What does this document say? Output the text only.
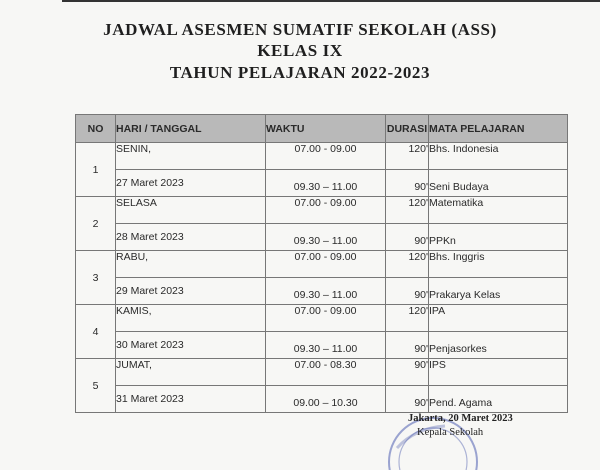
JADWAL ASESMEN SUMATIF SEKOLAH (ASS)
KELAS IX
TAHUN PELAJARAN 2022-2023
NO	HARI / TANGGAL	WAKTU	DURASI	MATA PELAJARAN
1	SENIN,	07.00 - 09.00	120'	Bhs. Indonesia
	27 Maret 2023	09.30 – 11.00	90'	Seni Budaya
2	SELASA	07.00 - 09.00	120'	Matematika
	28 Maret 2023	09.30 – 11.00	90'	PPKn
3	RABU,	07.00 - 09.00	120'	Bhs. Inggris
	29 Maret 2023	09.30 – 11.00	90'	Prakarya Kelas
4	KAMIS,	07.00 - 09.00	120'	IPA
	30 Maret 2023	09.30 – 11.00	90'	Penjasorkes
5	JUMAT,	07.00 - 08.30	90'	IPS
	31 Maret 2023	09.00 – 10.30	90'	Pend. Agama
Jakarta, 20 Maret 2023
Kepala Sekolah
